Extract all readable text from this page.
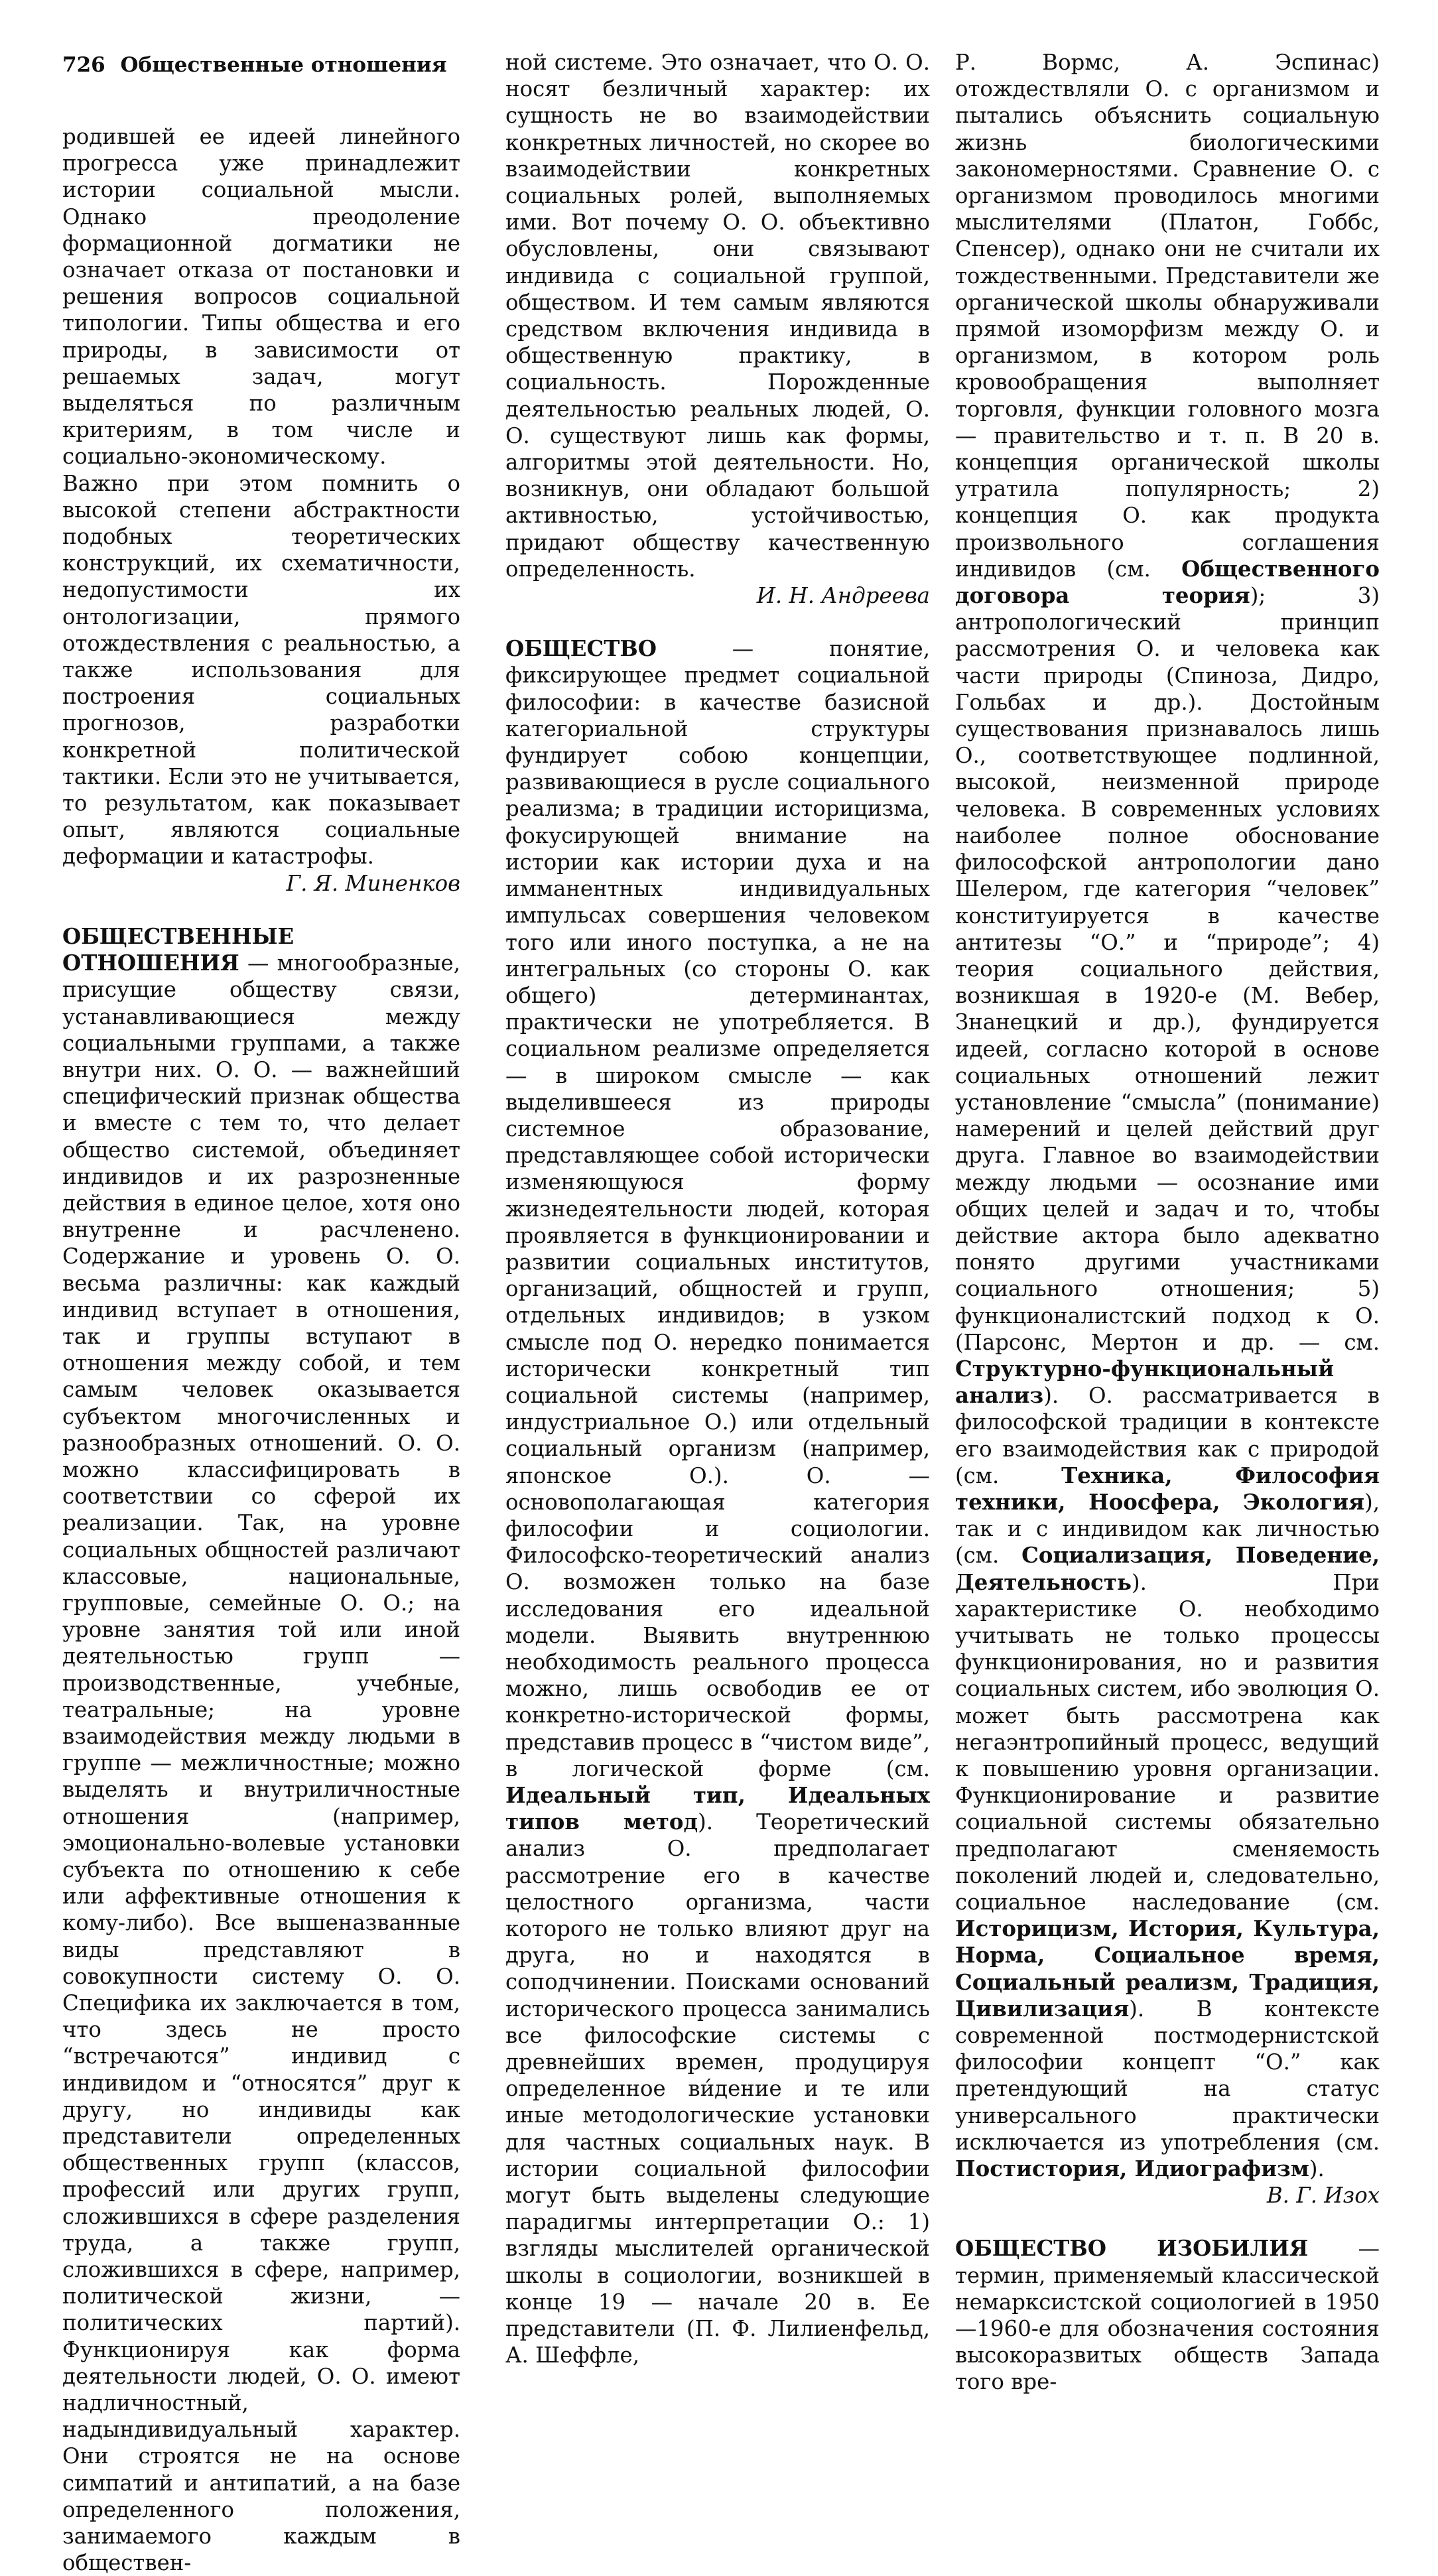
726 Общественные отношения

родившей ее идеей линейного прогресса уже принадлежит истории социальной мысли. Однако преодоление формационной догматики не означает отказа от постановки и решения вопросов социальной типологии. Типы общества и его природы, в зависимости от решаемых задач, могут выделяться по различным критериям, в том числе и социально-экономическому. Важно при этом помнить о высокой степени абстрактности подобных теоретических конструкций, их схематичности, недопустимости их онтологизации, прямого отождествления с реальностью, а также использования для построения социальных прогнозов, разработки конкретной политической тактики. Если это не учитывается, то результатом, как показывает опыт, являются социальные деформации и катастрофы.

Г. Я. Миненков

ОБЩЕСТВЕННЫЕ ОТНОШЕНИЯ — многообразные, присущие обществу связи, устанавливающиеся между социальными группами, а также внутри них. О. О. — важнейший специфический признак общества и вместе с тем то, что делает общество системой, объединяет индивидов и их разрозненные действия в единое целое, хотя оно внутренне и расчленено. Содержание и уровень О. О. весьма различны: как каждый индивид вступает в отношения, так и группы вступают в отношения между собой, и тем самым человек оказывается субъектом многочисленных и разнообразных отношений. О. О. можно классифицировать в соответствии со сферой их реализации. Так, на уровне социальных общностей различают классовые, национальные, групповые, семейные О. О.; на уровне занятия той или иной деятельностью групп — производственные, учебные, театральные; на уровне взаимодействия между людьми в группе — межличностные; можно выделять и внутриличностные отношения (например, эмоционально-волевые установки субъекта по отношению к себе или аффективные отношения к кому-либо). Все вышеназванные виды представляют в совокупности систему О. О. Специфика их заключается в том, что здесь не просто “встречаются” индивид с индивидом и “относятся” друг к другу, но индивиды как представители определенных общественных групп (классов, профессий или других групп, сложившихся в сфере разделения труда, а также групп, сложившихся в сфере, например, политической жизни, — политических партий). Функционируя как форма деятельности людей, О. О. имеют надличностный, надындивидуальный характер. Они строятся не на основе симпатий и антипатий, а на базе определенного положения, занимаемого каждым в обществен-

ной системе. Это означает, что О. О. носят безличный характер: их сущность не во взаимодействии конкретных личностей, но скорее во взаимодействии конкретных социальных ролей, выполняемых ими. Вот почему О. О. объективно обусловлены, они связывают индивида с социальной группой, обществом. И тем самым являются средством включения индивида в общественную практику, в социальность. Порожденные деятельностью реальных людей, О. О. существуют лишь как формы, алгоритмы этой деятельности. Но, возникнув, они обладают большой активностью, устойчивостью, придают обществу качественную определенность.

И. Н. Андреева

ОБЩЕСТВО — понятие, фиксирующее предмет социальной философии: в качестве базисной категориальной структуры фундирует собою концепции, развивающиеся в русле социального реализма; в традиции историцизма, фокусирующей внимание на истории как истории духа и на имманентных индивидуальных импульсах совершения человеком того или иного поступка, а не на интегральных (со стороны О. как общего) детерминантах, практически не употребляется. В социальном реализме определяется — в широком смысле — как выделившееся из природы системное образование, представляющее собой исторически изменяющуюся форму жизнедеятельности людей, которая проявляется в функционировании и развитии социальных институтов, организаций, общностей и групп, отдельных индивидов; в узком смысле под О. нередко понимается исторически конкретный тип социальной системы (например, индустриальное О.) или отдельный социальный организм (например, японское О.). О. — основополагающая категория философии и социологии. Философско-теоретический анализ О. возможен только на базе исследования его идеальной модели. Выявить внутреннюю необходимость реального процесса можно, лишь освободив ее от конкретно-исторической формы, представив процесс в “чистом виде”, в логической форме (см. Идеальный тип, Идеальных типов метод). Теоретический анализ О. предполагает рассмотрение его в качестве целостного организма, части которого не только влияют друг на друга, но и находятся в соподчинении. Поисками оснований исторического процесса занимались все философские системы с древнейших времен, продуцируя определенное ви́дение и те или иные методологические установки для частных социальных наук. В истории социальной философии могут быть выделены следующие парадигмы интерпретации О.: 1) взгляды мыслителей органической школы в социологии, возникшей в конце 19 — начале 20 в. Ее представители (П. Ф. Лилиенфельд, А. Шеффле,

Р. Вормс, А. Эспинас) отождествляли О. с организмом и пытались объяснить социальную жизнь биологическими закономерностями. Сравнение О. с организмом проводилось многими мыслителями (Платон, Гоббс, Спенсер), однако они не считали их тождественными. Представители же органической школы обнаруживали прямой изоморфизм между О. и организмом, в котором роль кровообращения выполняет торговля, функции головного мозга — правительство и т. п. В 20 в. концепция органической школы утратила популярность; 2) концепция О. как продукта произвольного соглашения индивидов (см. Общественного договора теория); 3) антропологический принцип рассмотрения О. и человека как части природы (Спиноза, Дидро, Гольбах и др.). Достойным существования признавалось лишь О., соответствующее подлинной, высокой, неизменной природе человека. В современных условиях наиболее полное обоснование философской антропологии дано Шелером, где категория “человек” конституируется в качестве антитезы “О.” и “природе”; 4) теория социального действия, возникшая в 1920-е (М. Вебер, Знанецкий и др.), фундируется идеей, согласно которой в основе социальных отношений лежит установление “смысла” (понимание) намерений и целей действий друг друга. Главное во взаимодействии между людьми — осознание ими общих целей и задач и то, чтобы действие актора было адекватно понято другими участниками социального отношения; 5) функционалистский подход к О. (Парсонс, Мертон и др. — см. Структурно-функциональный анализ). О. рассматривается в философской традиции в контексте его взаимодействия как с природой (см. Техника, Философия техники, Ноосфера, Экология), так и с индивидом как личностью (см. Социализация, Поведение, Деятельность). При характеристике О. необходимо учитывать не только процессы функционирования, но и развития социальных систем, ибо эволюция О. может быть рассмотрена как негаэнтропийный процесс, ведущий к повышению уровня организации. Функционирование и развитие социальной системы обязательно предполагают сменяемость поколений людей и, следовательно, социальное наследование (см. Историцизм, История, Культура, Норма, Социальное время, Социальный реализм, Традиция, Цивилизация). В контексте современной постмодернистской философии концепт “О.” как претендующий на статус универсального практически исключается из употребления (см. Постистория, Идиографизм).

В. Г. Изох

ОБЩЕСТВО ИЗОБИЛИЯ — термин, применяемый классической немарксистской социологией в 1950—1960-е для обозначения состояния высокоразвитых обществ Запада того вре-
